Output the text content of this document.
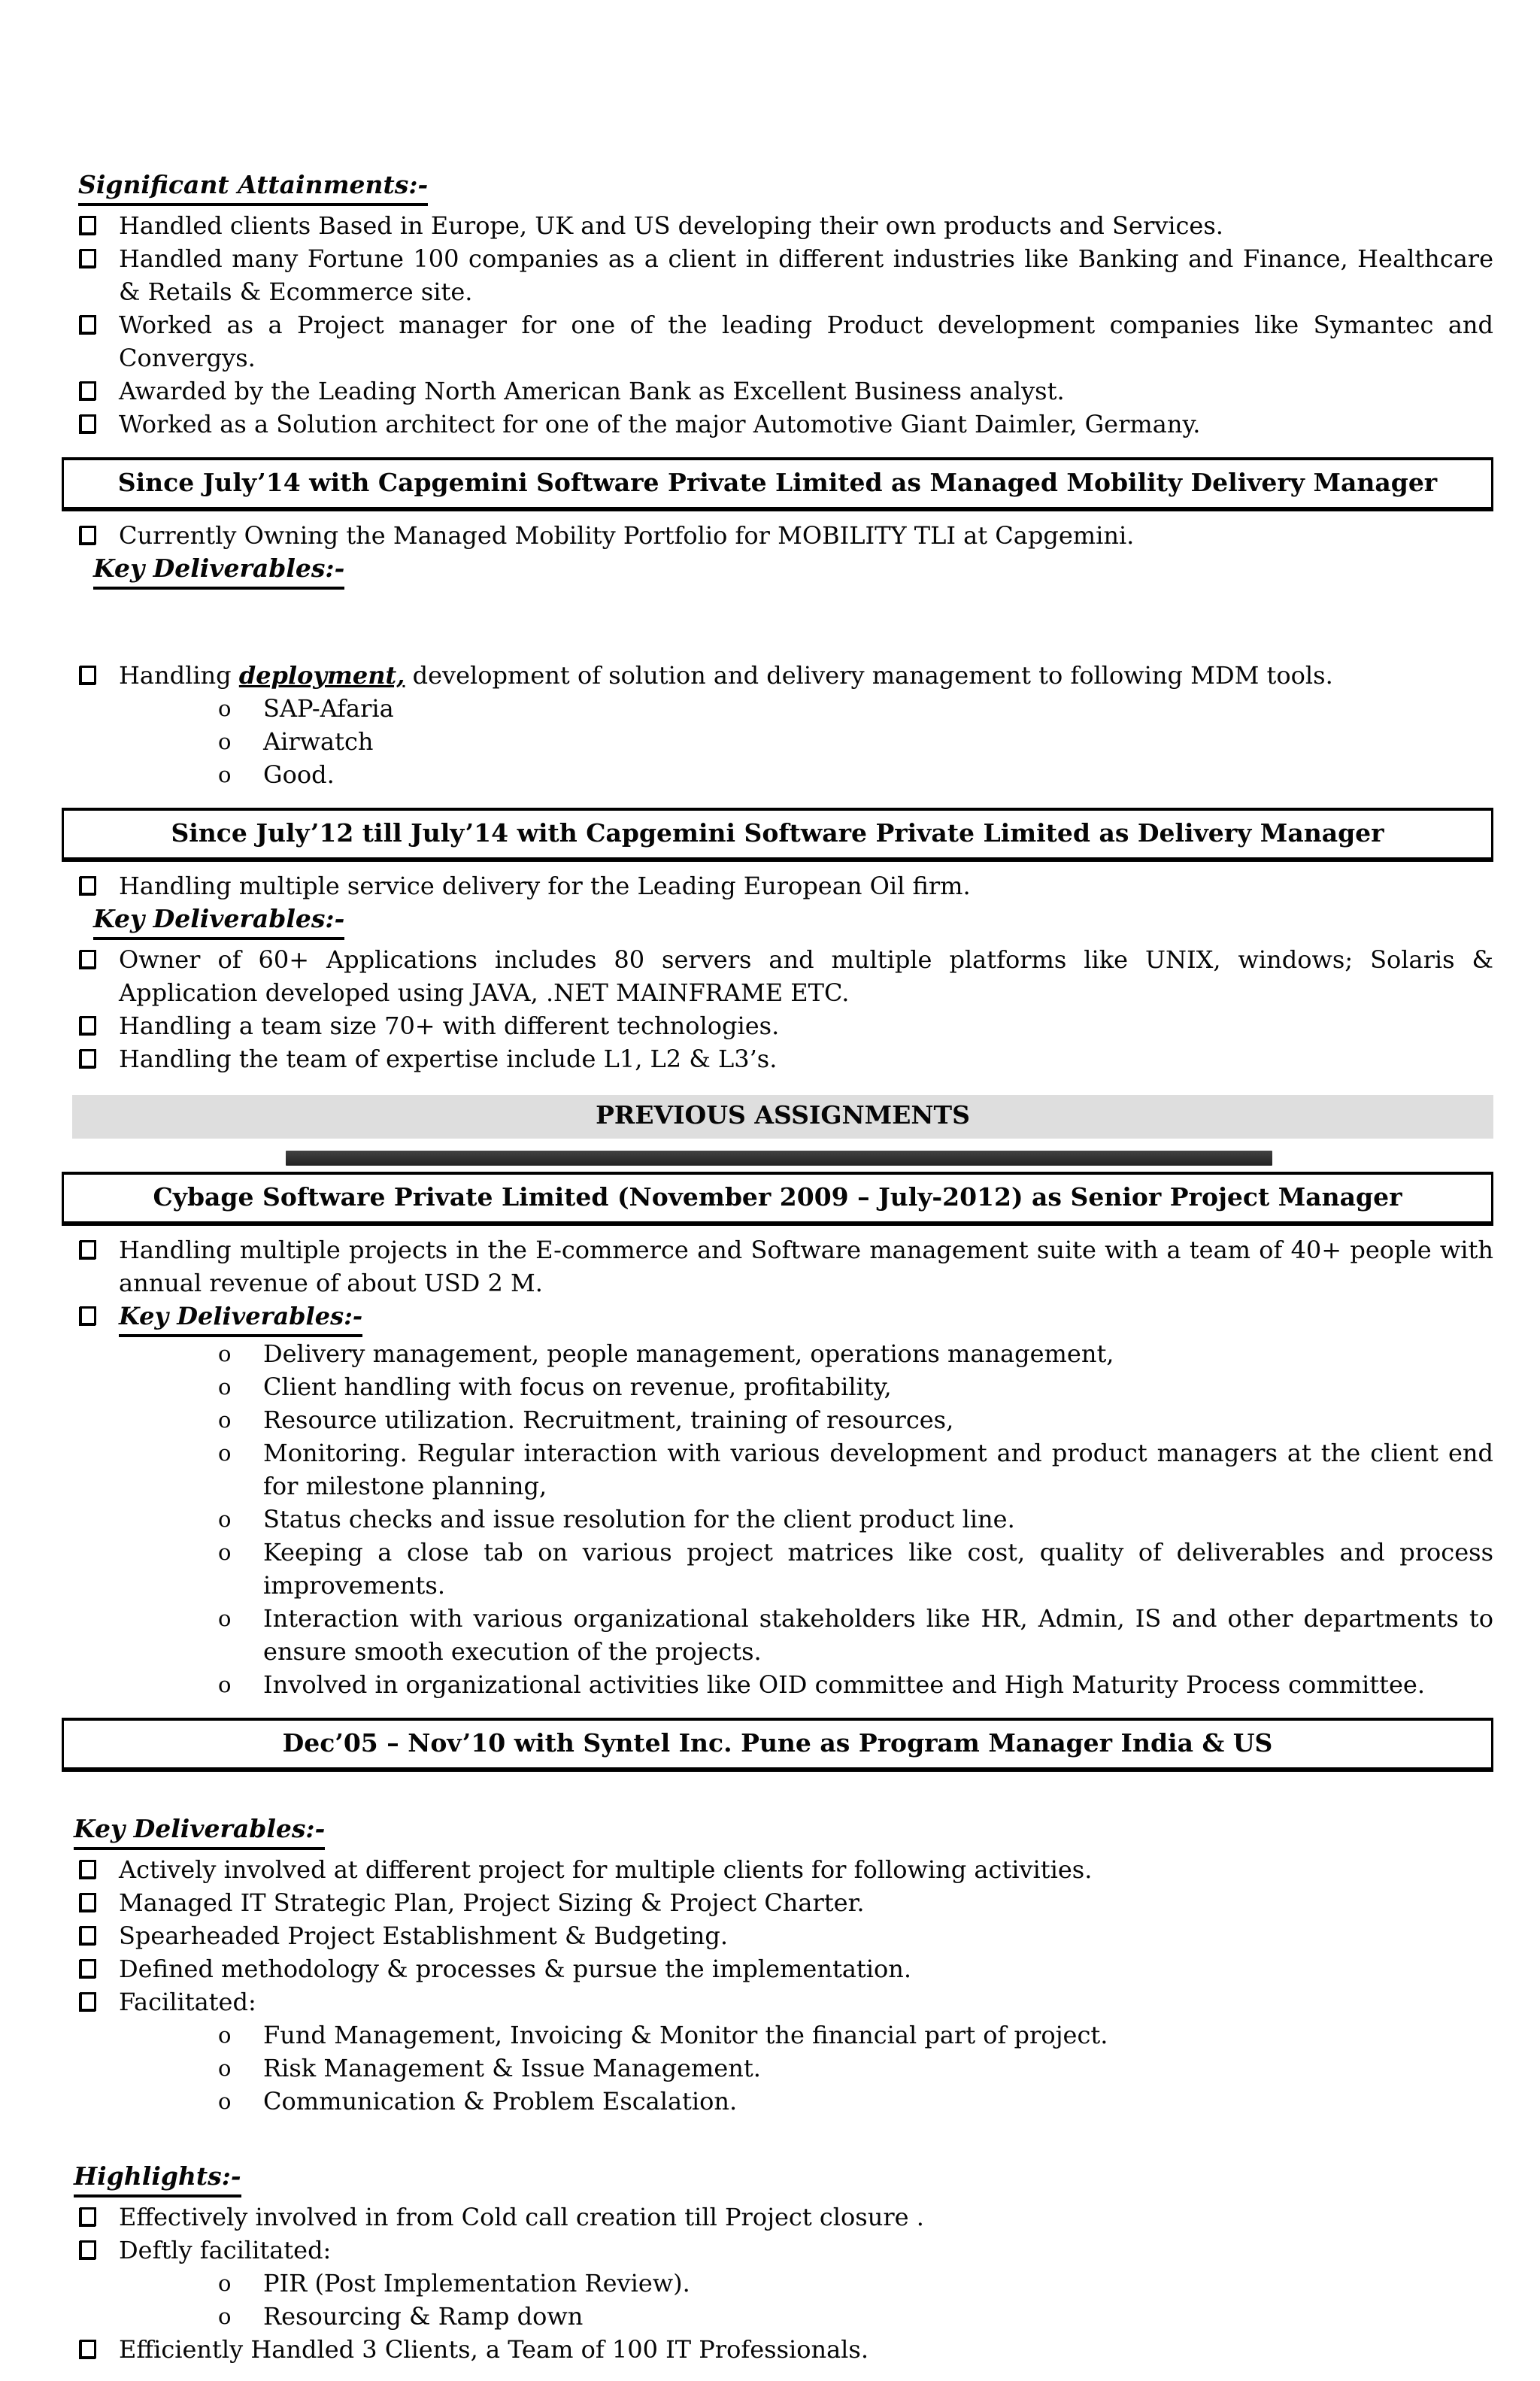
Significant Attainments:-

Handled clients Based in Europe, UK and US developing their own products and Services.

Handled many Fortune 100 companies as a client in different industries like Banking and Finance, Healthcare & Retails & Ecommerce site.

Worked as a Project manager for one of the leading Product development companies like Symantec and Convergys.

Awarded by the Leading North American Bank as Excellent Business analyst.

Worked as a Solution architect for one of the major Automotive Giant Daimler, Germany.

Since July’14 with Capgemini Software Private Limited as Managed Mobility Delivery Manager

Currently Owning the Managed Mobility Portfolio for MOBILITY TLI at Capgemini.

Key Deliverables:-

Handling deployment, development of solution and delivery management to following MDM tools.

o SAP-Afaria

o Airwatch

o Good.

Since July’12 till July’14 with Capgemini Software Private Limited as Delivery Manager

Handling multiple service delivery for the Leading European Oil firm.

Key Deliverables:-

Owner of 60+ Applications includes 80 servers and multiple platforms like UNIX, windows; Solaris & Application developed using JAVA, .NET MAINFRAME ETC.

Handling a team size 70+ with different technologies.

Handling the team of expertise include L1, L2 & L3’s.

PREVIOUS ASSIGNMENTS
Cybage Software Private Limited (November 2009 – July-2012) as Senior Project Manager

Handling multiple projects in the E-commerce and Software management suite with a team of 40+ people with annual revenue of about USD 2 M.

Key Deliverables:-

o Delivery management, people management, operations management,

o Client handling with focus on revenue, profitability,

o Resource utilization. Recruitment, training of resources,

o Monitoring. Regular interaction with various development and product managers at the client end for milestone planning,

o Status checks and issue resolution for the client product line.

o Keeping a close tab on various project matrices like cost, quality of deliverables and process improvements.

o Interaction with various organizational stakeholders like HR, Admin, IS and other departments to ensure smooth execution of the projects.

o Involved in organizational activities like OID committee and High Maturity Process committee.

Dec’05 – Nov’10 with Syntel Inc. Pune as Program Manager India & US
Key Deliverables:-

Actively involved at different project for multiple clients for following activities.

Managed IT Strategic Plan, Project Sizing & Project Charter.

Spearheaded Project Establishment & Budgeting.

Defined methodology & processes & pursue the implementation.

Facilitated:

o Fund Management, Invoicing & Monitor the financial part of project.

o Risk Management & Issue Management.

o Communication & Problem Escalation.

Highlights:-

Effectively involved in from Cold call creation till Project closure .

Deftly facilitated:

o PIR (Post Implementation Review).

o Resourcing & Ramp down

Efficiently Handled 3 Clients, a Team of 100 IT Professionals.
